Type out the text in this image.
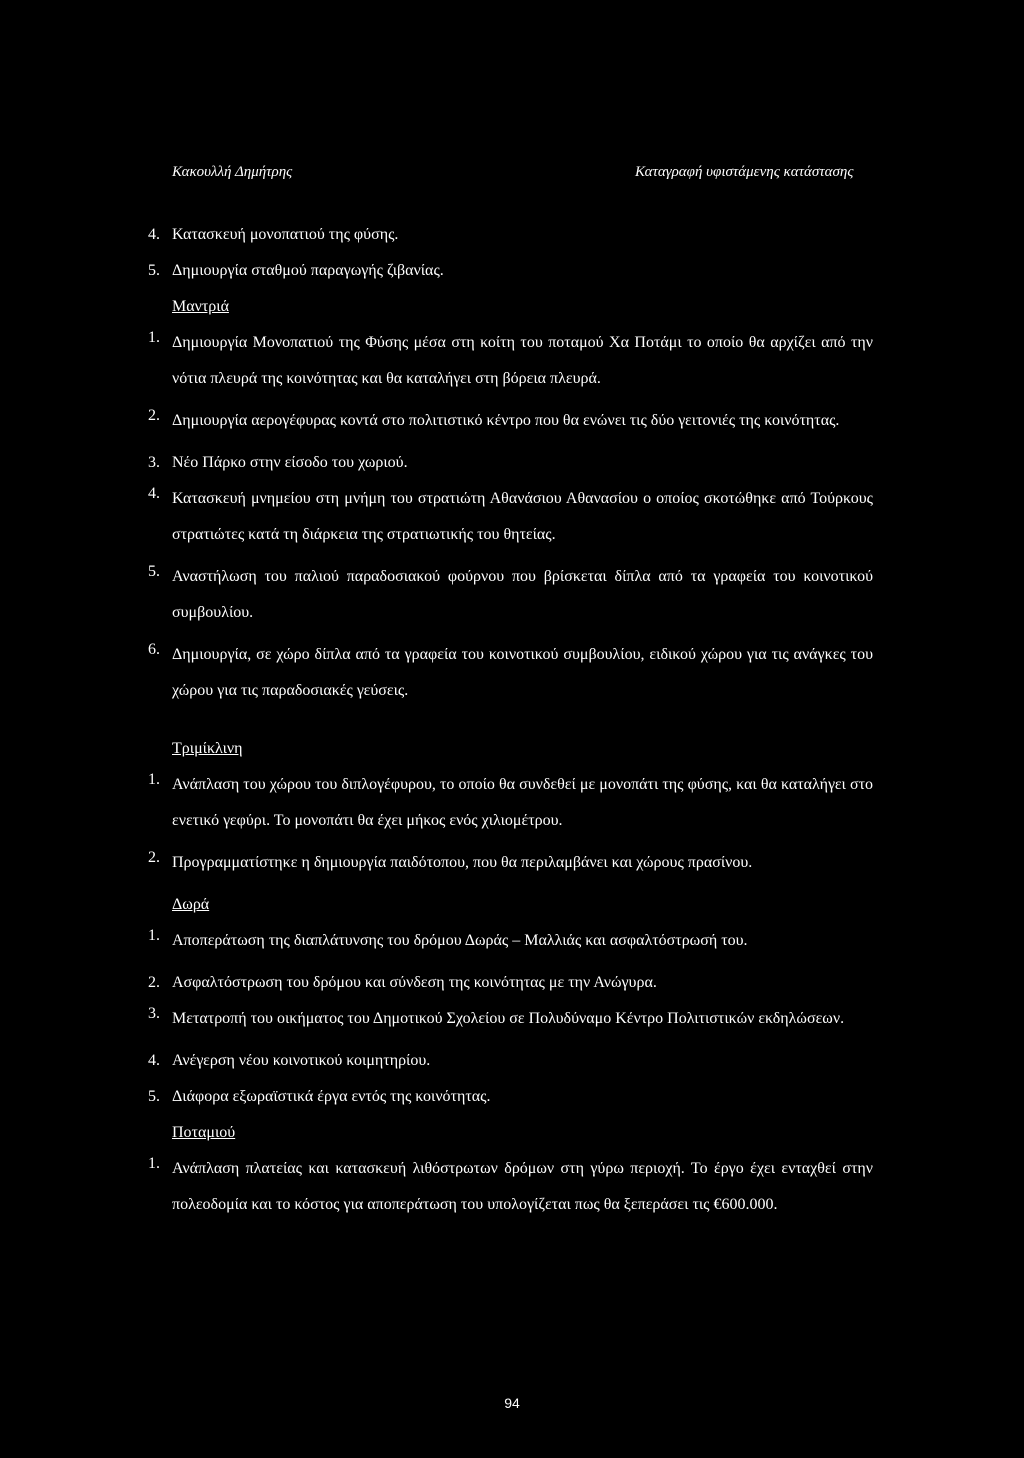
Κακουλλή Δημήτρης	Καταγραφή υφιστάμενης κατάστασης
4. Κατασκευή μονοπατιού της φύσης.
5. Δημιουργία σταθμού παραγωγής ζιβανίας.
Μαντριά
1. Δημιουργία Μονοπατιού της Φύσης μέσα στη κοίτη του ποταμού Χα Ποτάμι το οποίο θα αρχίζει από την νότια πλευρά της κοινότητας και θα καταλήγει στη βόρεια πλευρά.
2. Δημιουργία αερογέφυρας κοντά στο πολιτιστικό κέντρο που θα ενώνει τις δύο γειτονιές της κοινότητας.
3. Νέο Πάρκο στην είσοδο του χωριού.
4. Κατασκευή μνημείου στη μνήμη του στρατιώτη Αθανάσιου Αθανασίου ο οποίος σκοτώθηκε από Τούρκους στρατιώτες κατά τη διάρκεια της στρατιωτικής του θητείας.
5. Αναστήλωση του παλιού παραδοσιακού φούρνου που βρίσκεται δίπλα από τα γραφεία του κοινοτικού συμβουλίου.
6. Δημιουργία, σε χώρο δίπλα από τα γραφεία του κοινοτικού συμβουλίου, ειδικού χώρου για τις ανάγκες του χώρου για τις παραδοσιακές γεύσεις.
Τριμίκλινη
1. Ανάπλαση του χώρου του διπλογέφυρου, το οποίο θα συνδεθεί με μονοπάτι της φύσης, και θα καταλήγει στο ενετικό γεφύρι. Το μονοπάτι θα έχει μήκος ενός χιλιομέτρου.
2. Προγραμματίστηκε η δημιουργία παιδότοπου, που θα περιλαμβάνει και χώρους πρασίνου.
Δωρά
1. Αποπεράτωση της διαπλάτυνσης του δρόμου Δωράς – Μαλλιάς και ασφαλτόστρωσή του.
2. Ασφαλτόστρωση του δρόμου και σύνδεση της κοινότητας με την Ανώγυρα.
3. Μετατροπή του οικήματος του Δημοτικού Σχολείου σε Πολυδύναμο Κέντρο Πολιτιστικών εκδηλώσεων.
4. Ανέγερση νέου κοινοτικού κοιμητηρίου.
5. Διάφορα εξωραϊστικά έργα εντός της κοινότητας.
Ποταμιού
1. Ανάπλαση πλατείας και κατασκευή λιθόστρωτων δρόμων στη γύρω περιοχή. Το έργο έχει ενταχθεί στην πολεοδομία και το κόστος για αποπεράτωση του υπολογίζεται πως θα ξεπεράσει τις €600.000.
94
